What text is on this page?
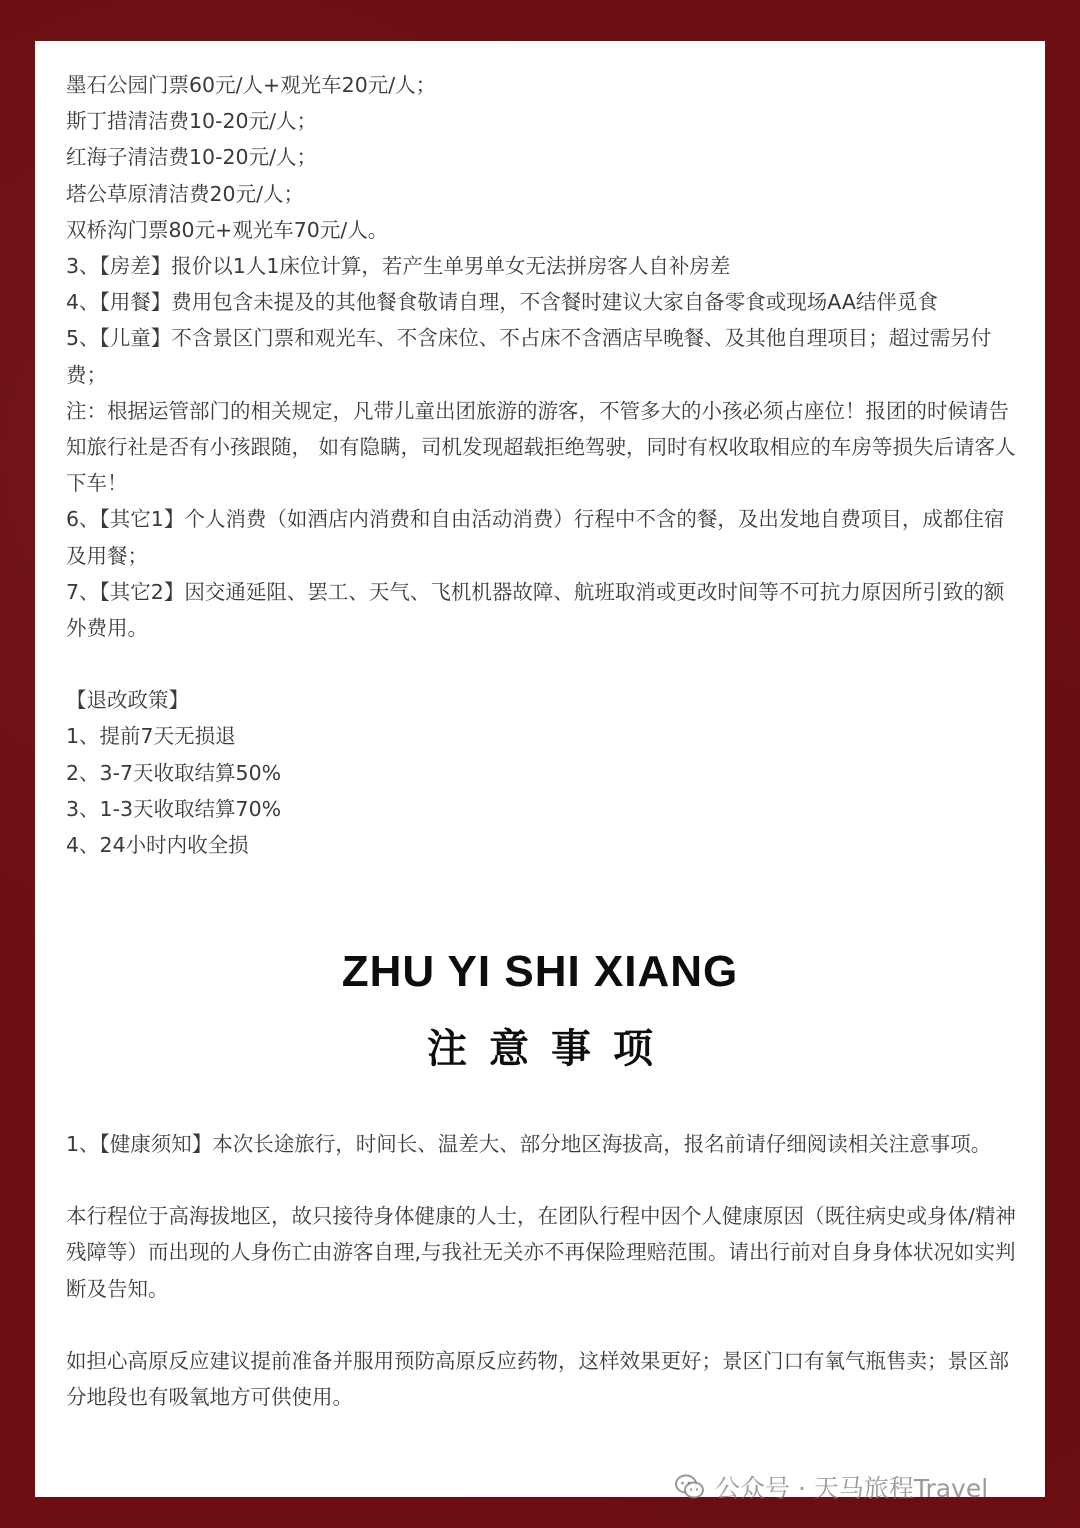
墨石公园门票60元/人+观光车20元/人；

斯丁措清洁费10-20元/人；

红海子清洁费10-20元/人；

塔公草原清洁费20元/人；

双桥沟门票80元+观光车70元/人。

3、【房差】报价以1人1床位计算，若产生单男单女无法拼房客人自补房差

4、【用餐】费用包含未提及的其他餐食敬请自理，不含餐时建议大家自备零食或现场AA结伴觅食

5、【儿童】不含景区门票和观光车、不含床位、不占床不含酒店早晚餐、及其他自理项目；超过需另付费；

注：根据运管部门的相关规定，凡带儿童出团旅游的游客，不管多大的小孩必须占座位！报团的时候请告知旅行社是否有小孩跟随， 如有隐瞒，司机发现超载拒绝驾驶，同时有权收取相应的车房等损失后请客人下车！

6、【其它1】个人消费（如酒店内消费和自由活动消费）行程中不含的餐，及出发地自费项目，成都住宿及用餐；

7、【其它2】因交通延阻、罢工、天气、飞机机器故障、航班取消或更改时间等不可抗力原因所引致的额外费用。

【退改政策】

1、提前7天无损退

2、3-7天收取结算50%

3、1-3天收取结算70%

4、24小时内收全损

ZHU YI SHI XIANG
注意事项

1、【健康须知】本次长途旅行，时间长、温差大、部分地区海拔高，报名前请仔细阅读相关注意事项。

本行程位于高海拔地区，故只接待身体健康的人士，在团队行程中因个人健康原因（既往病史或身体/精神残障等）而出现的人身伤亡由游客自理,与我社无关亦不再保险理赔范围。请出行前对自身身体状况如实判断及告知。

如担心高原反应建议提前准备并服用预防高原反应药物，这样效果更好；景区门口有氧气瓶售卖；景区部分地段也有吸氧地方可供使用。

公众号 · 天马旅程Travel
